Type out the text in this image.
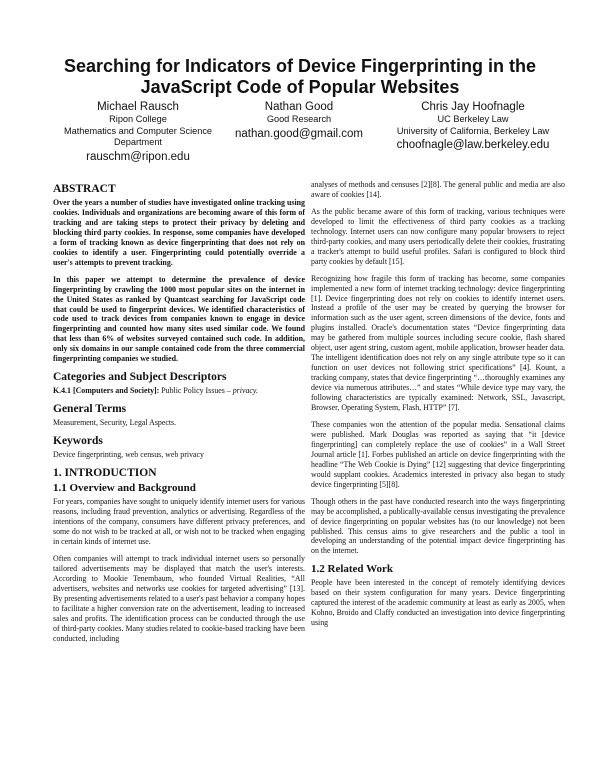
Searching for Indicators of Device Fingerprinting in the
JavaScript Code of Popular Websites
Michael Rausch
Ripon College
Mathematics and Computer Science
Department
rauschm@ripon.edu
Nathan Good
Good Research
nathan.good@gmail.com
Chris Jay Hoofnagle
UC Berkeley Law
University of California, Berkeley Law
choofnagle@law.berkeley.edu
ABSTRACT

Over the years a number of studies have investigated online tracking using cookies. Individuals and organizations are becoming aware of this form of tracking and are taking steps to protect their privacy by deleting and blocking third party cookies. In response, some companies have developed a form of tracking known as device fingerprinting that does not rely on cookies to identify a user. Fingerprinting could potentially override a user's attempts to prevent tracking.

In this paper we attempt to determine the prevalence of device fingerprinting by crawling the 1000 most popular sites on the internet in the United States as ranked by Quantcast searching for JavaScript code that could be used to fingerprint devices. We identified characteristics of code used to track devices from companies known to engage in device fingerprinting and counted how many sites used similar code. We found that less than 6% of websites surveyed contained such code. In addition, only six domains in our sample contained code from the three commercial fingerprinting companies we studied.

Categories and Subject Descriptors

K.4.1 [Computers and Society]: Public Policy Issues – privacy.

General Terms

Measurement, Security, Legal Aspects.

Keywords

Device fingerprinting, web census, web privacy

1. INTRODUCTION
1.1 Overview and Background

For years, companies have sought to uniquely identify internet users for various reasons, including fraud prevention, analytics or advertising. Regardless of the intentions of the company, consumers have different privacy preferences, and some do not wish to be tracked at all, or wish not to be tracked when engaging in certain kinds of internet use.

Often companies will attempt to track individual internet users so personally tailored advertisements may be displayed that match the user's interests. According to Mookie Tenembaum, who founded Virtual Realities, “All advertisers, websites and networks use cookies for targeted advertising” [13]. By presenting advertisements related to a user's past behavior a company hopes to facilitate a higher conversion rate on the advertisement, leading to increased sales and profits. The identification process can be conducted through the use of third-party cookies. Many studies related to cookie-based tracking have been conducted, including

analyses of methods and censuses [2][8]. The general public and media are also aware of cookies [14].

As the public became aware of this form of tracking, various techniques were developed to limit the effectiveness of third party cookies as a tracking technology. Internet users can now configure many popular browsers to reject third-party cookies, and many users periodically delete their cookies, frustrating a tracker's attempt to build useful profiles. Safari is configured to block third party cookies by default [15].

Recognizing how fragile this form of tracking has become, some companies implemented a new form of internet tracking technology: device fingerprinting [1]. Device fingerprinting does not rely on cookies to identify internet users. Instead a profile of the user may be created by querying the browser for information such as the user agent, screen dimensions of the device, fonts and plugins installed. Oracle's documentation states “Device fingerprinting data may be gathered from multiple sources including secure cookie, flash shared object, user agent string, custom agent, mobile application, browser header data. The intelligent identification does not rely on any single attribute type so it can function on user devices not following strict specifications” [4]. Kount, a tracking company, states that device fingerprinting “…thoroughly examines any device via numerous attributes…” and states “While device type may vary, the following characteristics are typically examined: Network, SSL, Javascript, Browser, Operating System, Flash, HTTP” [7].

These companies won the attention of the popular media. Sensational claims were published. Mark Douglas was reported as saying that “it [device fingerprinting] can completely replace the use of cookies” in a Wall Street Journal article [1]. Forbes published an article on device fingerprinting with the headline “The Web Cookie is Dying” [12] suggesting that device fingerprinting would supplant cookies. Academics interested in privacy also began to study device fingerprinting [5][8].

Though others in the past have conducted research into the ways fingerprinting may be accomplished, a publically-available census investigating the prevalence of device fingerprinting on popular websites has (to our knowledge) not been published. This census aims to give researchers and the public a tool in developing an understanding of the potential impact device fingerprinting has on the internet.

1.2 Related Work

People have been interested in the concept of remotely identifying devices based on their system configuration for many years. Device fingerprinting captured the interest of the academic community at least as early as 2005, when Kohno, Broido and Claffy conducted an investigation into device fingerprinting using
